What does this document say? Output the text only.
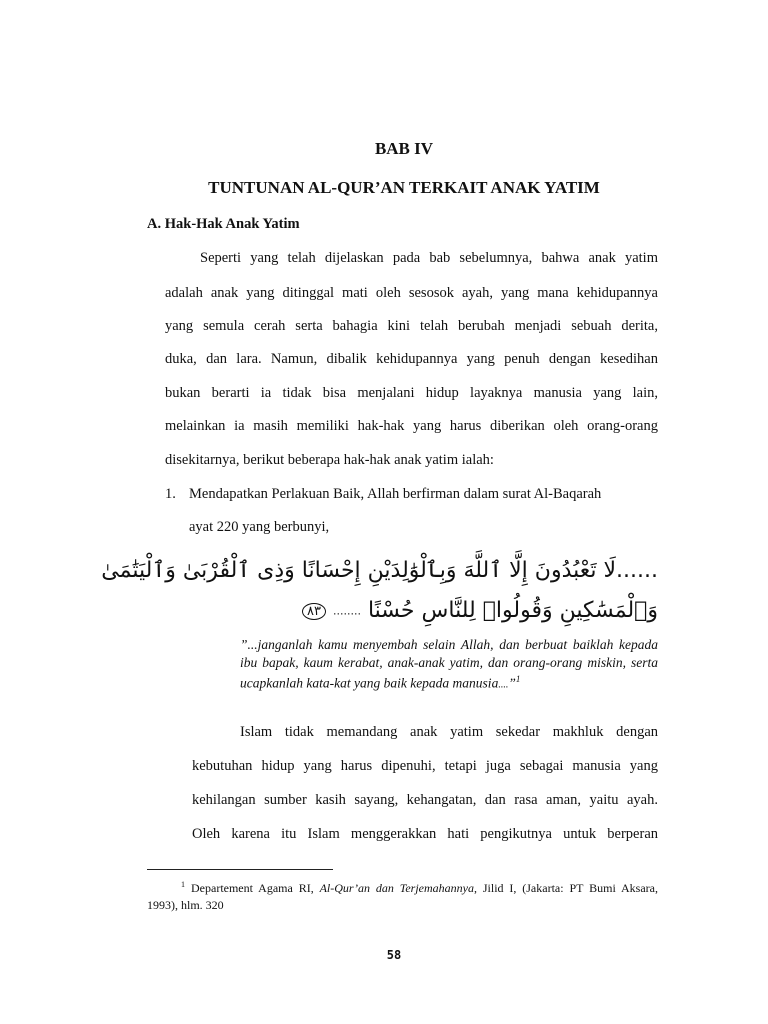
BAB IV
TUNTUNAN AL-QUR’AN TERKAIT ANAK YATIM
A. Hak-Hak Anak Yatim
Seperti yang telah dijelaskan pada bab sebelumnya, bahwa anak yatim
adalah anak yang ditinggal mati oleh sesosok ayah, yang mana kehidupannya
yang semula cerah serta bahagia kini telah berubah menjadi sebuah derita,
duka, dan lara. Namun, dibalik kehidupannya yang penuh dengan kesedihan
bukan berarti ia tidak bisa menjalani hidup layaknya manusia yang lain,
melainkan ia masih memiliki hak-hak yang harus diberikan oleh orang-orang
disekitarnya, berikut beberapa hak-hak anak yatim ialah:
1. Mendapatkan Perlakuan Baik, Allah berfirman dalam surat Al-Baqarah
ayat 220 yang berbunyi,
......لَا تَعْبُدُونَ إِلَّا ٱللَّهَ وَبِٱلْوَٰلِدَيْنِ إِحْسَانًا وَذِى ٱلْقُرْبَىٰ وَٱلْيَتَٰمَىٰ
وَٱلْمَسَٰكِينِ وَقُولُوا۟ لِلنَّاسِ حُسْنًا ........ ٨٣
”...janganlah kamu menyembah selain Allah, dan berbuat baiklah kepada ibu bapak, kaum kerabat, anak-anak yatim, dan orang-orang miskin, serta ucapkanlah kata-kat yang baik kepada manusia....”$^1$
Islam tidak memandang anak yatim sekedar makhluk dengan
kebutuhan hidup yang harus dipenuhi, tetapi juga sebagai manusia yang
kehilangan sumber kasih sayang, kehangatan, dan rasa aman, yaitu ayah.
Oleh karena itu Islam menggerakkan hati pengikutnya untuk berperan
$^1$ Departement Agama RI, Al-Qur’an dan Terjemahannya, Jilid I, (Jakarta: PT Bumi Aksara, 1993), hlm. 320
58
